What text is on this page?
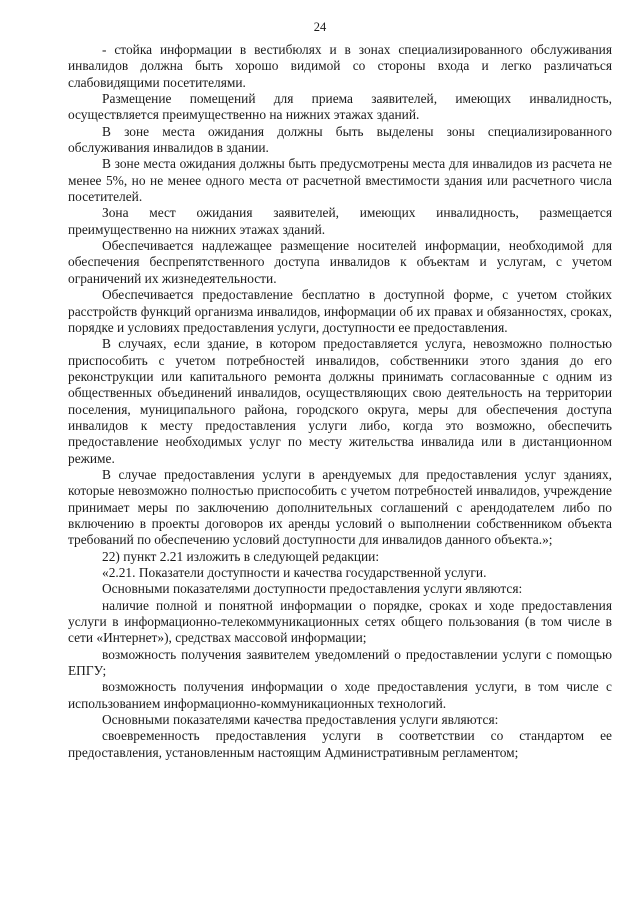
24

- стойка информации в вестибюлях и в зонах специализированного обслуживания инвалидов должна быть хорошо видимой со стороны входа и легко различаться слабовидящими посетителями.

Размещение помещений для приема заявителей, имеющих инвалидность, осуществляется преимущественно на нижних этажах зданий.

В зоне места ожидания должны быть выделены зоны специализированного обслуживания инвалидов в здании.

В зоне места ожидания должны быть предусмотрены места для инвалидов из расчета не менее 5%, но не менее одного места от расчетной вместимости здания или расчетного числа посетителей.

Зона мест ожидания заявителей, имеющих инвалидность, размещается преимущественно на нижних этажах зданий.

Обеспечивается надлежащее размещение носителей информации, необходимой для обеспечения беспрепятственного доступа инвалидов к объектам и услугам, с учетом ограничений их жизнедеятельности.

Обеспечивается предоставление бесплатно в доступной форме, с учетом стойких расстройств функций организма инвалидов, информации об их правах и обязанностях, сроках, порядке и условиях предоставления услуги, доступности ее предоставления.

В случаях, если здание, в котором предоставляется услуга, невозможно полностью приспособить с учетом потребностей инвалидов, собственники этого здания до его реконструкции или капитального ремонта должны принимать согласованные с одним из общественных объединений инвалидов, осуществляющих свою деятельность на территории поселения, муниципального района, городского округа, меры для обеспечения доступа инвалидов к месту предоставления услуги либо, когда это возможно, обеспечить предоставление необходимых услуг по месту жительства инвалида или в дистанционном режиме.

В случае предоставления услуги в арендуемых для предоставления услуг зданиях, которые невозможно полностью приспособить с учетом потребностей инвалидов, учреждение принимает меры по заключению дополнительных соглашений с арендодателем либо по включению в проекты договоров их аренды условий о выполнении собственником объекта требований по обеспечению условий доступности для инвалидов данного объекта.»;

22) пункт 2.21 изложить в следующей редакции:

«2.21. Показатели доступности и качества государственной услуги.

Основными показателями доступности предоставления услуги являются:

наличие полной и понятной информации о порядке, сроках и ходе предоставления услуги в информационно-телекоммуникационных сетях общего пользования (в том числе в сети «Интернет»), средствах массовой информации;

возможность получения заявителем уведомлений о предоставлении услуги с помощью ЕПГУ;

возможность получения информации о ходе предоставления услуги, в том числе с использованием информационно-коммуникационных технологий.

Основными показателями качества предоставления услуги являются:

своевременность предоставления услуги в соответствии со стандартом ее предоставления, установленным настоящим Административным регламентом;
